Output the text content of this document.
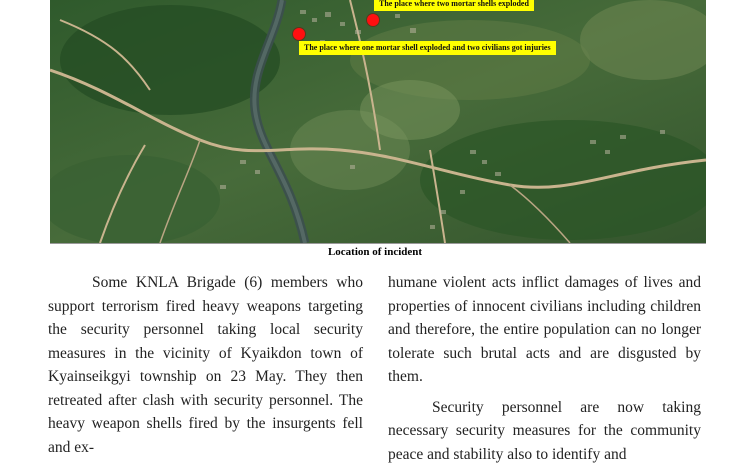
The place where two mortar shells exploded
The place where one mortar shell exploded and two civilians got injuries
Location of incident

Some KNLA Brigade (6) members who support terrorism fired heavy weapons targeting the security personnel taking local security measures in the vicinity of Kyaikdon town of Kyainseikgyi township on 23 May. They then retreated after clash with security personnel. The heavy weapon shells fired by the insurgents fell and ex-

humane violent acts inflict damages of lives and properties of innocent civilians including children and therefore, the entire population can no longer tolerate such brutal acts and are disgusted by them.

Security personnel are now taking necessary security measures for the community peace and stability also to identify and
